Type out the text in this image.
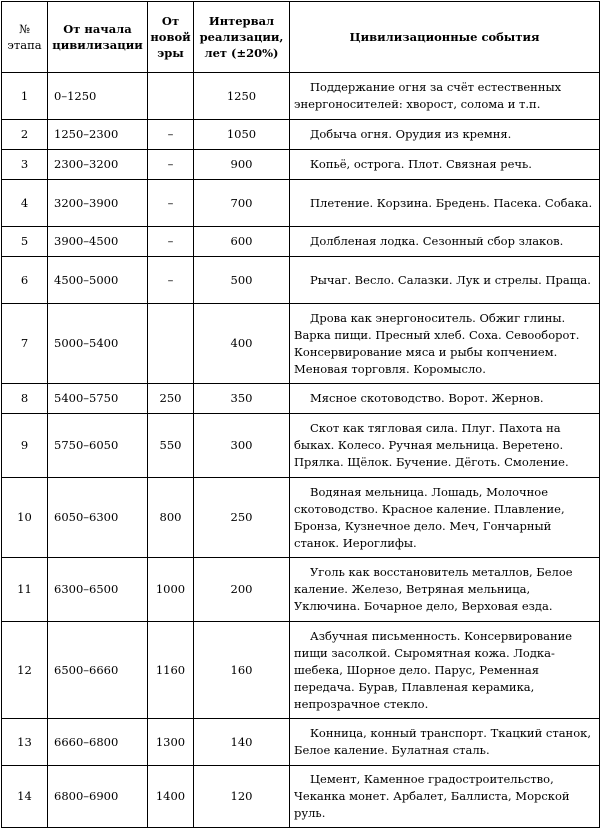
№ этапа	От начала цивилизации	От новой эры	Интервал реализации, лет (±20%)	Цивилизационные события
1	0–1250		1250	Поддержание огня за счёт естественных энергоносителей: хворост, солома и т.п.

2	1250–2300	–	1050	Добыча огня. Орудия из кремня.

3	2300–3200	–	900	Копьё, острога. Плот. Связная речь.

4	3200–3900	–	700	Плетение. Корзина. Бредень. Пасека. Собака.

5	3900–4500	–	600	Долбленая лодка. Сезонный сбор злаков.

6	4500–5000	–	500	Рычаг. Весло. Салазки. Лук и стрелы. Праща.

7	5000–5400		400	Дрова как энергоноситель. Обжиг глины. Варка пищи. Пресный хлеб. Соха. Севооборот. Консервирование мяса и рыбы копчением. Меновая торговля. Коромысло.

8	5400–5750	250	350	Мясное скотоводство. Ворот. Жернов.

9	5750–6050	550	300	Скот как тягловая сила. Плуг. Пахота на быках. Колесо. Ручная мельница. Веретено. Прялка. Щёлок. Бучение. Дёготь. Смоление.

10	6050–6300	800	250	Водяная мельница. Лошадь, Молочное скотоводство. Красное каление. Плавление, Бронза, Кузнечное дело. Меч, Гончарный станок. Иероглифы.

11	6300–6500	1000	200	Уголь как восстановитель металлов, Белое каление. Железо, Ветряная мельница, Уключина. Бочарное дело, Верховая езда.

12	6500–6660	1160	160	Азбучная письменность. Консервирование пищи засолкой. Сыромятная кожа. Лодка-шебека, Шорное дело. Парус, Ременная передача. Бурав, Плавленая керамика, непрозрачное стекло.

13	6660–6800	1300	140	Конница, конный транспорт. Ткацкий станок, Белое каление. Булатная сталь.

14	6800–6900	1400	120	Цемент, Каменное градостроительство, Чеканка монет. Арбалет, Баллиста, Морской руль.
